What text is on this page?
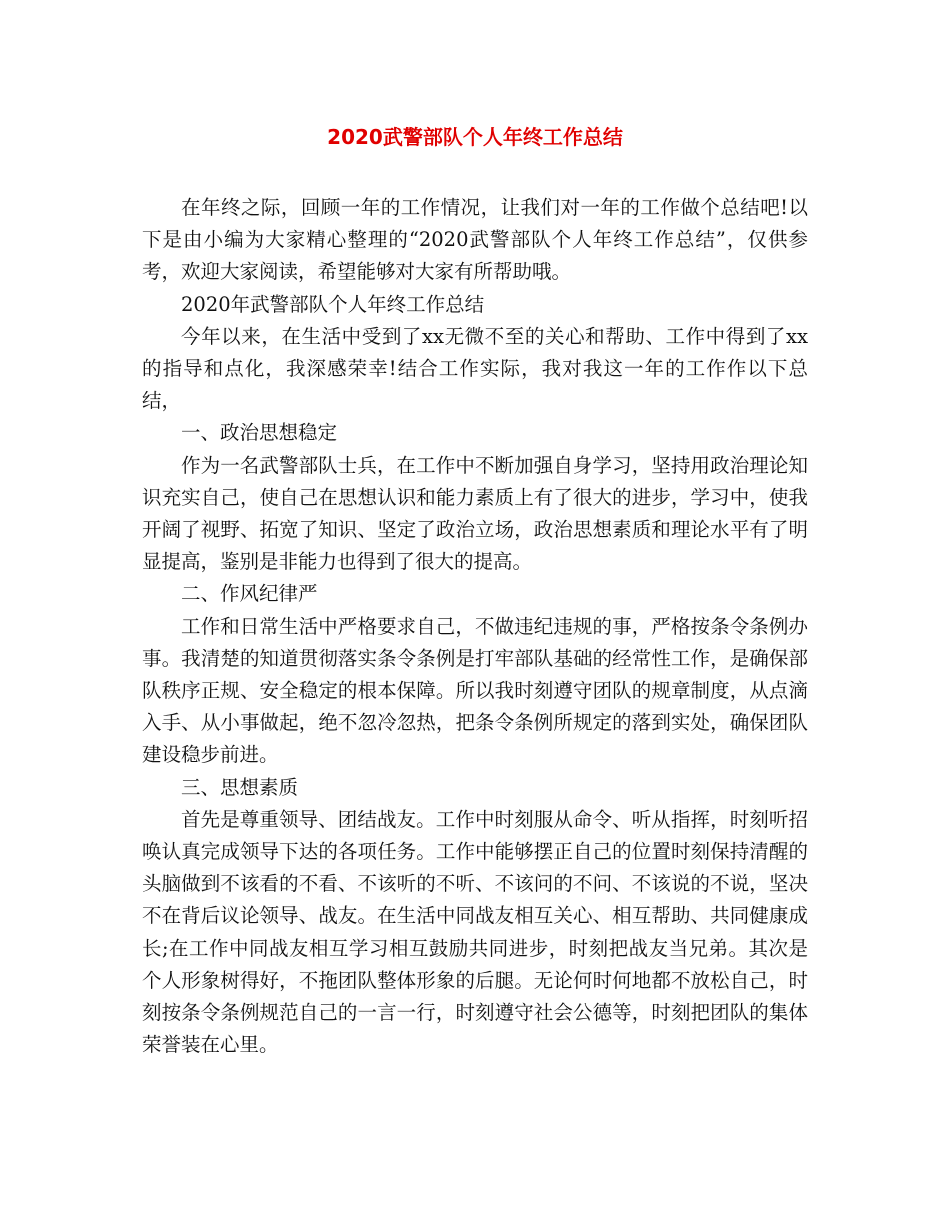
2020武警部队个人年终工作总结

在年终之际，回顾一年的工作情况，让我们对一年的工作做个总结吧!以下是由小编为大家精心整理的“2020武警部队个人年终工作总结”，仅供参考，欢迎大家阅读，希望能够对大家有所帮助哦。

2020年武警部队个人年终工作总结

今年以来，在生活中受到了xx无微不至的关心和帮助、工作中得到了xx的指导和点化，我深感荣幸!结合工作实际，我对我这一年的工作作以下总结，

一、政治思想稳定

作为一名武警部队士兵，在工作中不断加强自身学习，坚持用政治理论知识充实自己，使自己在思想认识和能力素质上有了很大的进步，学习中，使我开阔了视野、拓宽了知识、坚定了政治立场，政治思想素质和理论水平有了明显提高，鉴别是非能力也得到了很大的提高。

二、作风纪律严

工作和日常生活中严格要求自己，不做违纪违规的事，严格按条令条例办事。我清楚的知道贯彻落实条令条例是打牢部队基础的经常性工作，是确保部队秩序正规、安全稳定的根本保障。所以我时刻遵守团队的规章制度，从点滴入手、从小事做起，绝不忽冷忽热，把条令条例所规定的落到实处，确保团队建设稳步前进。

三、思想素质

首先是尊重领导、团结战友。工作中时刻服从命令、听从指挥，时刻听招唤认真完成领导下达的各项任务。工作中能够摆正自己的位置时刻保持清醒的头脑做到不该看的不看、不该听的不听、不该问的不问、不该说的不说，坚决不在背后议论领导、战友。在生活中同战友相互关心、相互帮助、共同健康成长;在工作中同战友相互学习相互鼓励共同进步，时刻把战友当兄弟。其次是个人形象树得好，不拖团队整体形象的后腿。无论何时何地都不放松自己，时刻按条令条例规范自己的一言一行，时刻遵守社会公德等，时刻把团队的集体荣誉装在心里。
